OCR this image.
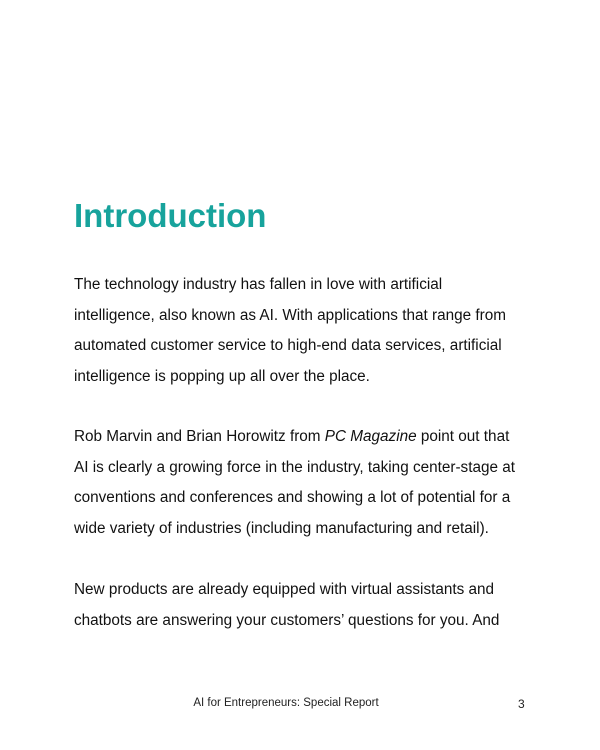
Introduction

The technology industry has fallen in love with artificial
intelligence, also known as AI. With applications that range from
automated customer service to high-end data services, artificial
intelligence is popping up all over the place.

Rob Marvin and Brian Horowitz from PC Magazine point out that
AI is clearly a growing force in the industry, taking center-stage at
conventions and conferences and showing a lot of potential for a
wide variety of industries (including manufacturing and retail).

New products are already equipped with virtual assistants and
chatbots are answering your customers’ questions for you. And

AI for Entrepreneurs: Special Report	3
